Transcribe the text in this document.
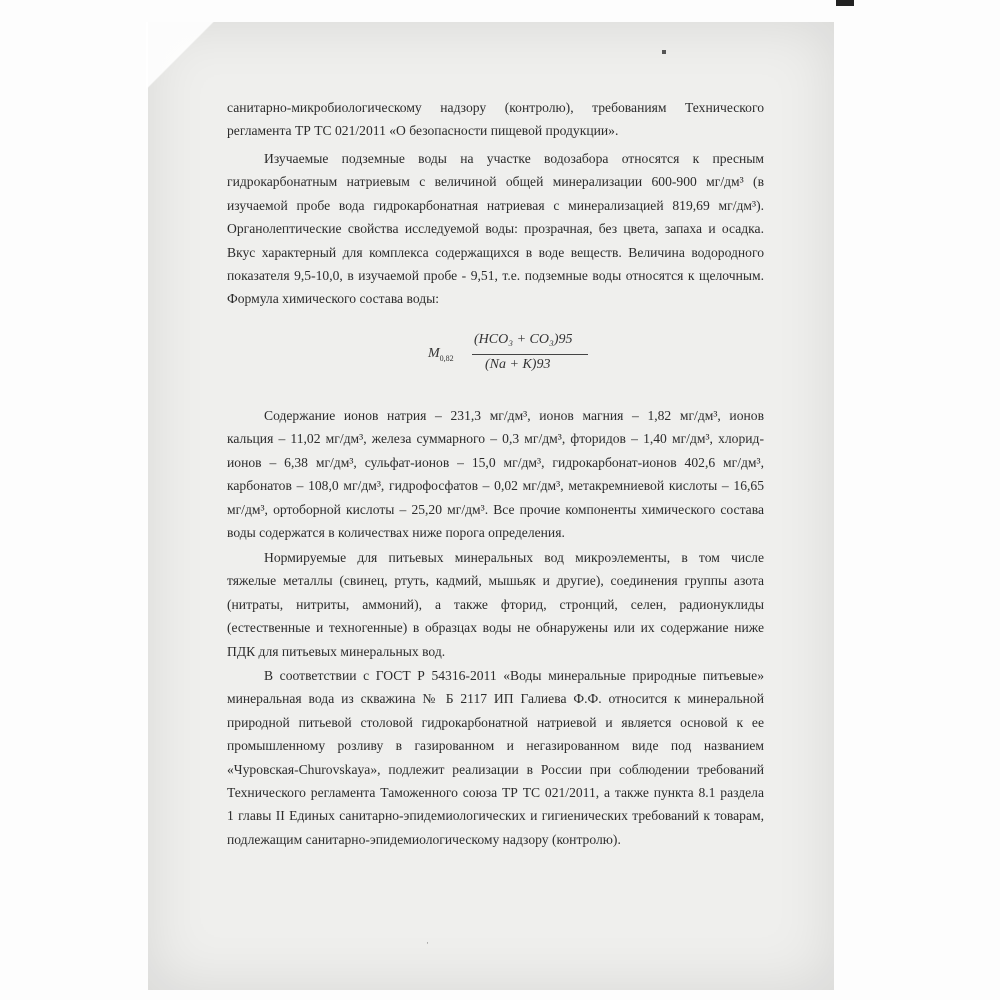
санитарно-микробиологическому надзору (контролю), требованиям Технического
регламента ТР ТС 021/2011 «О безопасности пищевой продукции».
Изучаемые подземные воды на участке водозабора относятся к пресным
гидрокарбонатным натриевым с величиной общей минерализации 600-900 мг/дм³ (в
изучаемой пробе вода гидрокарбонатная натриевая с минерализацией 819,69 мг/дм³).
Органолептические свойства исследуемой воды: прозрачная, без цвета, запаха и осадка.
Вкус характерный для комплекса содержащихся в воде веществ. Величина водородного
показателя 9,5-10,0, в изучаемой пробе - 9,51, т.е. подземные воды относятся к щелочным.
Формула химического состава воды:
$M_{0,82}$
(HCO₃ + CO₃)95
(Na + K)93
Содержание ионов натрия – 231,3 мг/дм³, ионов магния – 1,82 мг/дм³, ионов
кальция – 11,02 мг/дм³, железа суммарного – 0,3 мг/дм³, фторидов – 1,40 мг/дм³, хлорид-
ионов – 6,38 мг/дм³, сульфат-ионов – 15,0 мг/дм³, гидрокарбонат-ионов 402,6 мг/дм³,
карбонатов – 108,0 мг/дм³, гидрофосфатов – 0,02 мг/дм³, метакремниевой кислоты – 16,65
мг/дм³, ортоборной кислоты – 25,20 мг/дм³. Все прочие компоненты химического состава
воды содержатся в количествах ниже порога определения.
Нормируемые для питьевых минеральных вод микроэлементы, в том числе
тяжелые металлы (свинец, ртуть, кадмий, мышьяк и другие), соединения группы азота
(нитраты, нитриты, аммоний), а также фторид, стронций, селен, радионуклиды
(естественные и техногенные) в образцах воды не обнаружены или их содержание ниже
ПДК для питьевых минеральных вод.
В соответствии с ГОСТ Р 54316-2011 «Воды минеральные природные питьевые»
минеральная вода из скважина № Б 2117 ИП Галиева Ф.Ф. относится к минеральной
природной питьевой столовой гидрокарбонатной натриевой и является основой к ее
промышленному розливу в газированном и негазированном виде под названием
«Чуровская-Churovskaya», подлежит реализации в России при соблюдении требований
Технического регламента Таможенного союза ТР ТС 021/2011, а также пункта 8.1 раздела
1 главы II Единых санитарно-эпидемиологических и гигиенических требований к товарам,
подлежащим санитарно-эпидемиологическому надзору (контролю).
·
